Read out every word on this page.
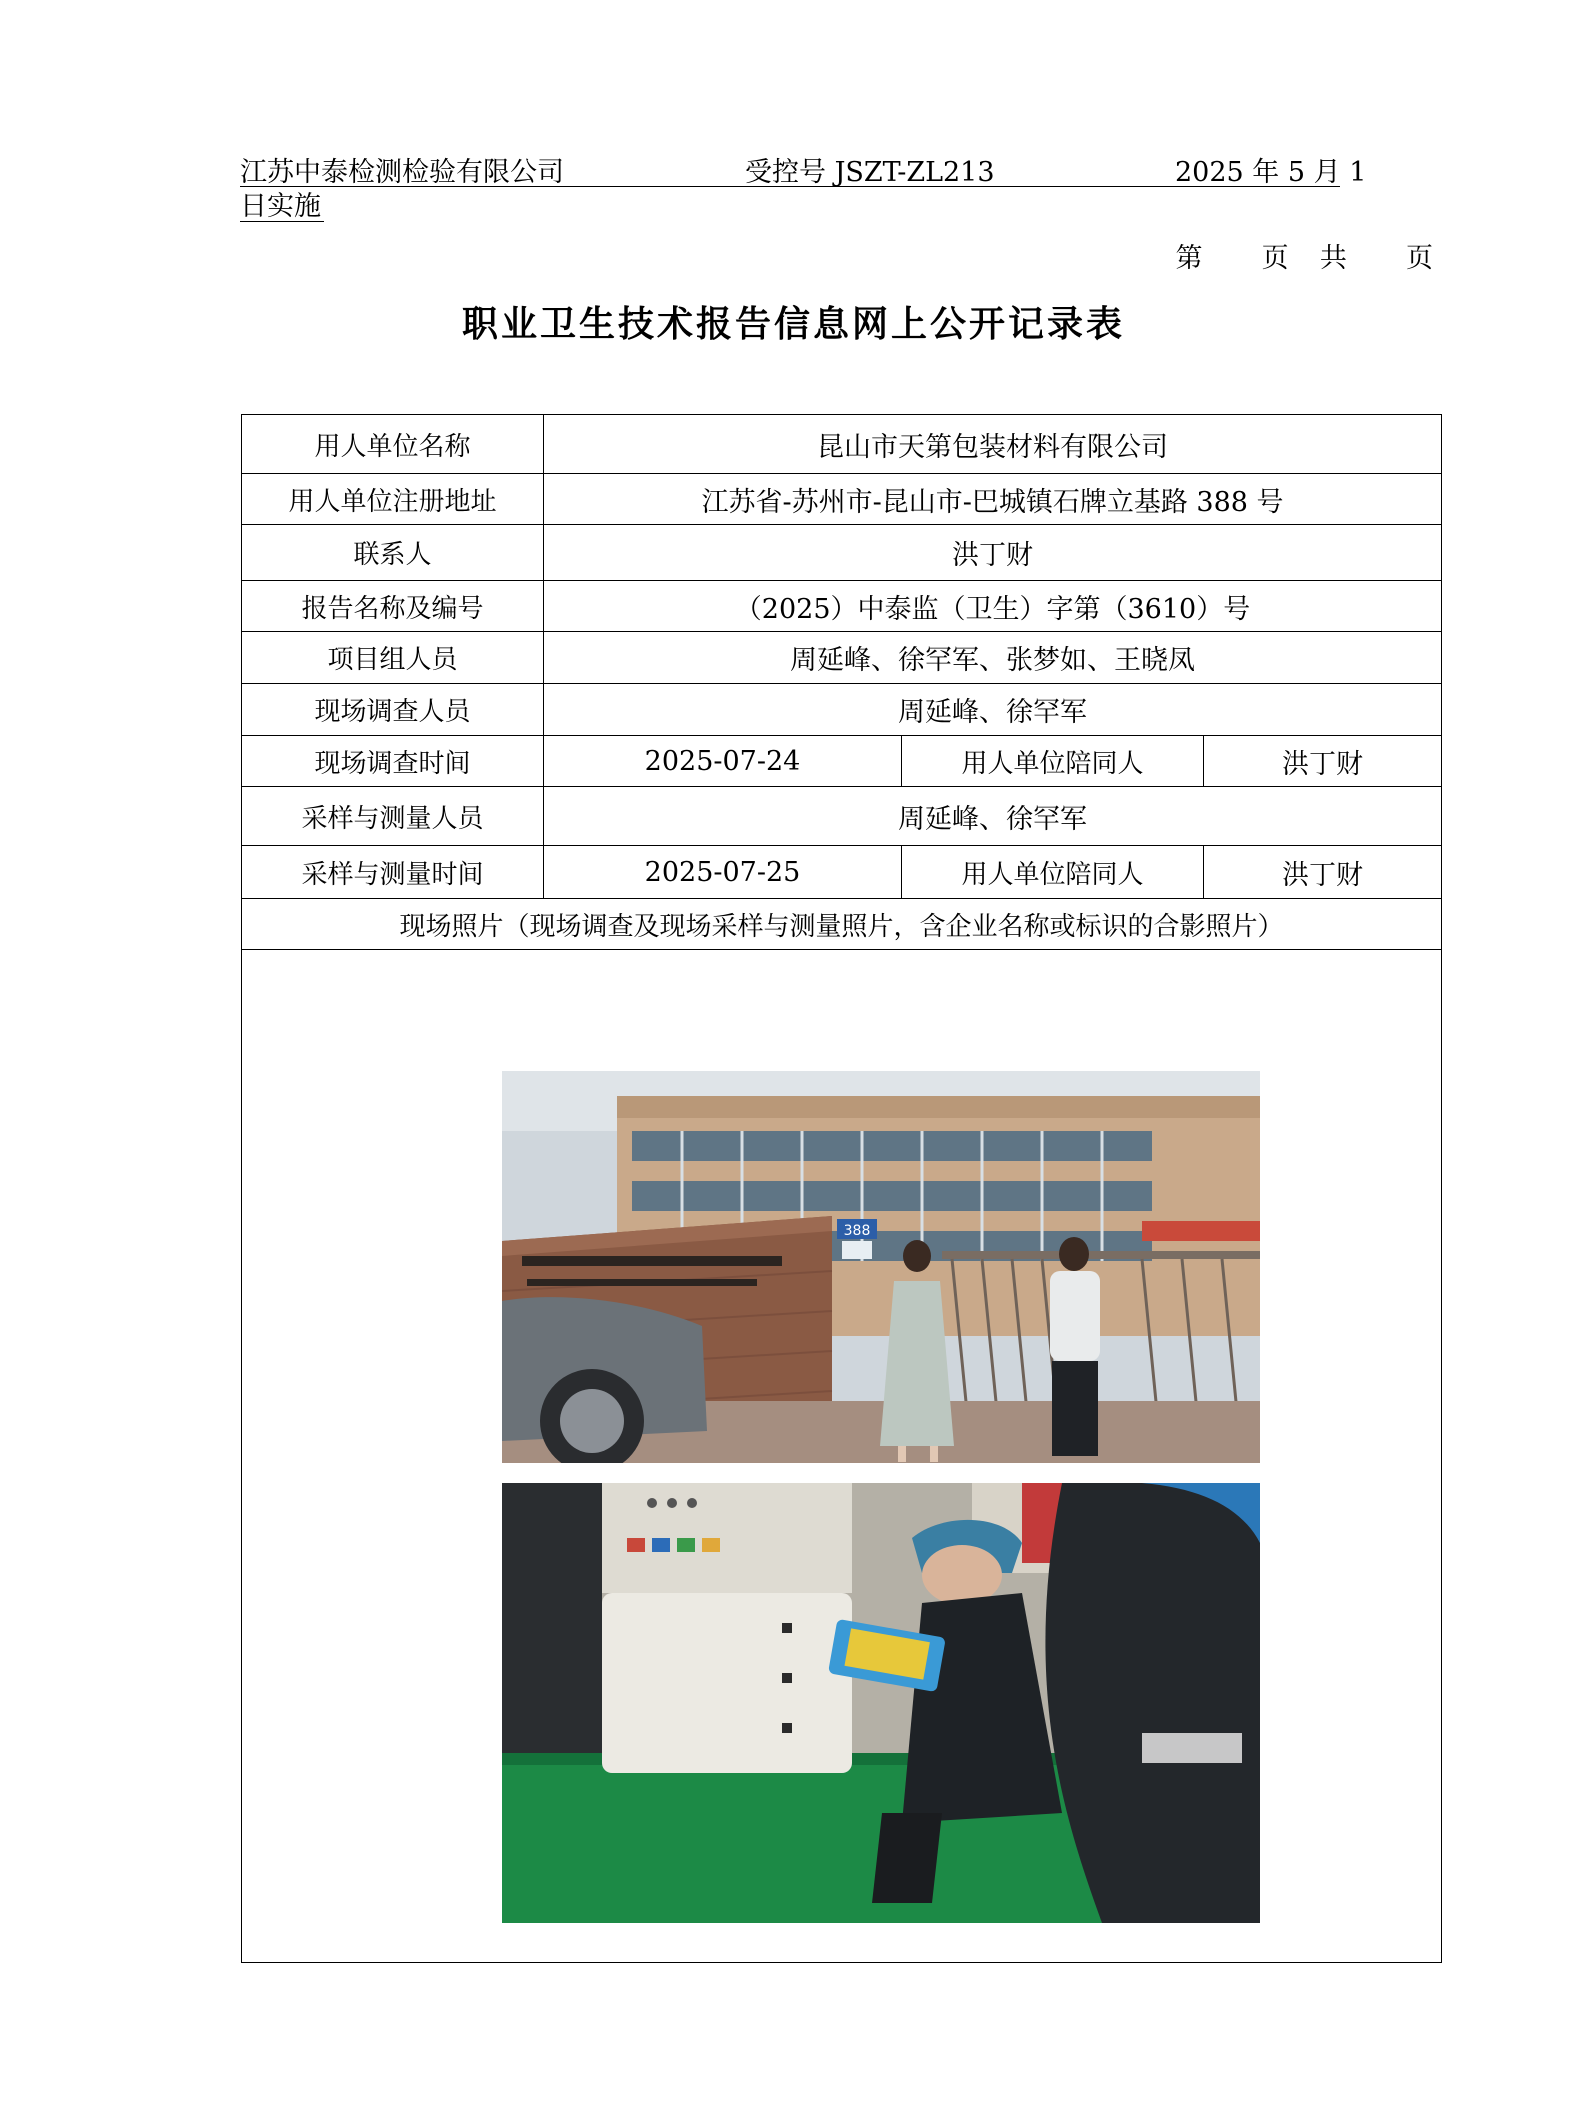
江苏中泰检测检验有限公司	受控号 JSZT-ZL213	2025 年 5 月 1
日实施
第 页 共 页
职业卫生技术报告信息网上公开记录表
用人单位名称	昆山市天第包装材料有限公司		
用人单位注册地址	江苏省-苏州市-昆山市-巴城镇石牌立基路 388 号		
联系人	洪丁财		
报告名称及编号	（2025）中泰监（卫生）字第（3610）号		
项目组人员	周延峰、徐罕军、张梦如、王晓凤		
现场调查人员	周延峰、徐罕军		
现场调查时间	2025-07-24	用人单位陪同人	洪丁财
采样与测量人员	周延峰、徐罕军		
采样与测量时间	2025-07-25	用人单位陪同人	洪丁财
现场照片（现场调查及现场采样与测量照片，含企业名称或标识的合影照片）			

388			
